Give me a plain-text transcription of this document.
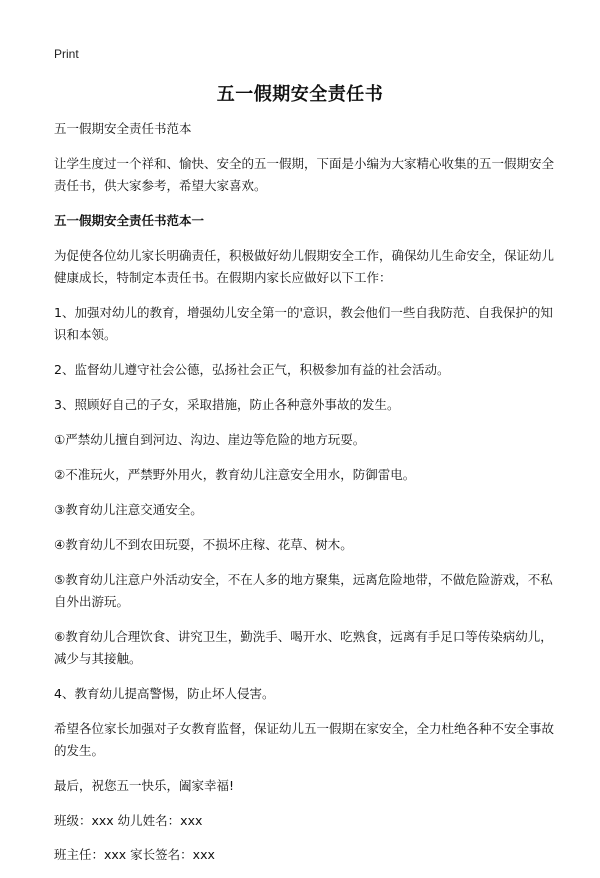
Print
五一假期安全责任书

五一假期安全责任书范本

让学生度过一个祥和、愉快、安全的五一假期，下面是小编为大家精心收集的五一假期安全责任书，供大家参考，希望大家喜欢。

五一假期安全责任书范本一

为促使各位幼儿家长明确责任，积极做好幼儿假期安全工作，确保幼儿生命安全，保证幼儿健康成长，特制定本责任书。在假期内家长应做好以下工作：

1、加强对幼儿的教育，增强幼儿安全第一的'意识，教会他们一些自我防范、自我保护的知识和本领。

2、监督幼儿遵守社会公德，弘扬社会正气，积极参加有益的社会活动。

3、照顾好自己的子女，采取措施，防止各种意外事故的发生。

①严禁幼儿擅自到河边、沟边、崖边等危险的地方玩耍。

②不准玩火，严禁野外用火，教育幼儿注意安全用水，防御雷电。

③教育幼儿注意交通安全。

④教育幼儿不到农田玩耍，不损坏庄稼、花草、树木。

⑤教育幼儿注意户外活动安全，不在人多的地方聚集，远离危险地带，不做危险游戏，不私自外出游玩。

⑥教育幼儿合理饮食、讲究卫生，勤洗手、喝开水、吃熟食，远离有手足口等传染病幼儿，减少与其接触。

4、教育幼儿提高警惕，防止坏人侵害。

希望各位家长加强对子女教育监督，保证幼儿五一假期在家安全，全力杜绝各种不安全事故的发生。

最后，祝您五一快乐，阖家幸福!

班级：xxx 幼儿姓名：xxx

班主任：xxx 家长签名：xxx
